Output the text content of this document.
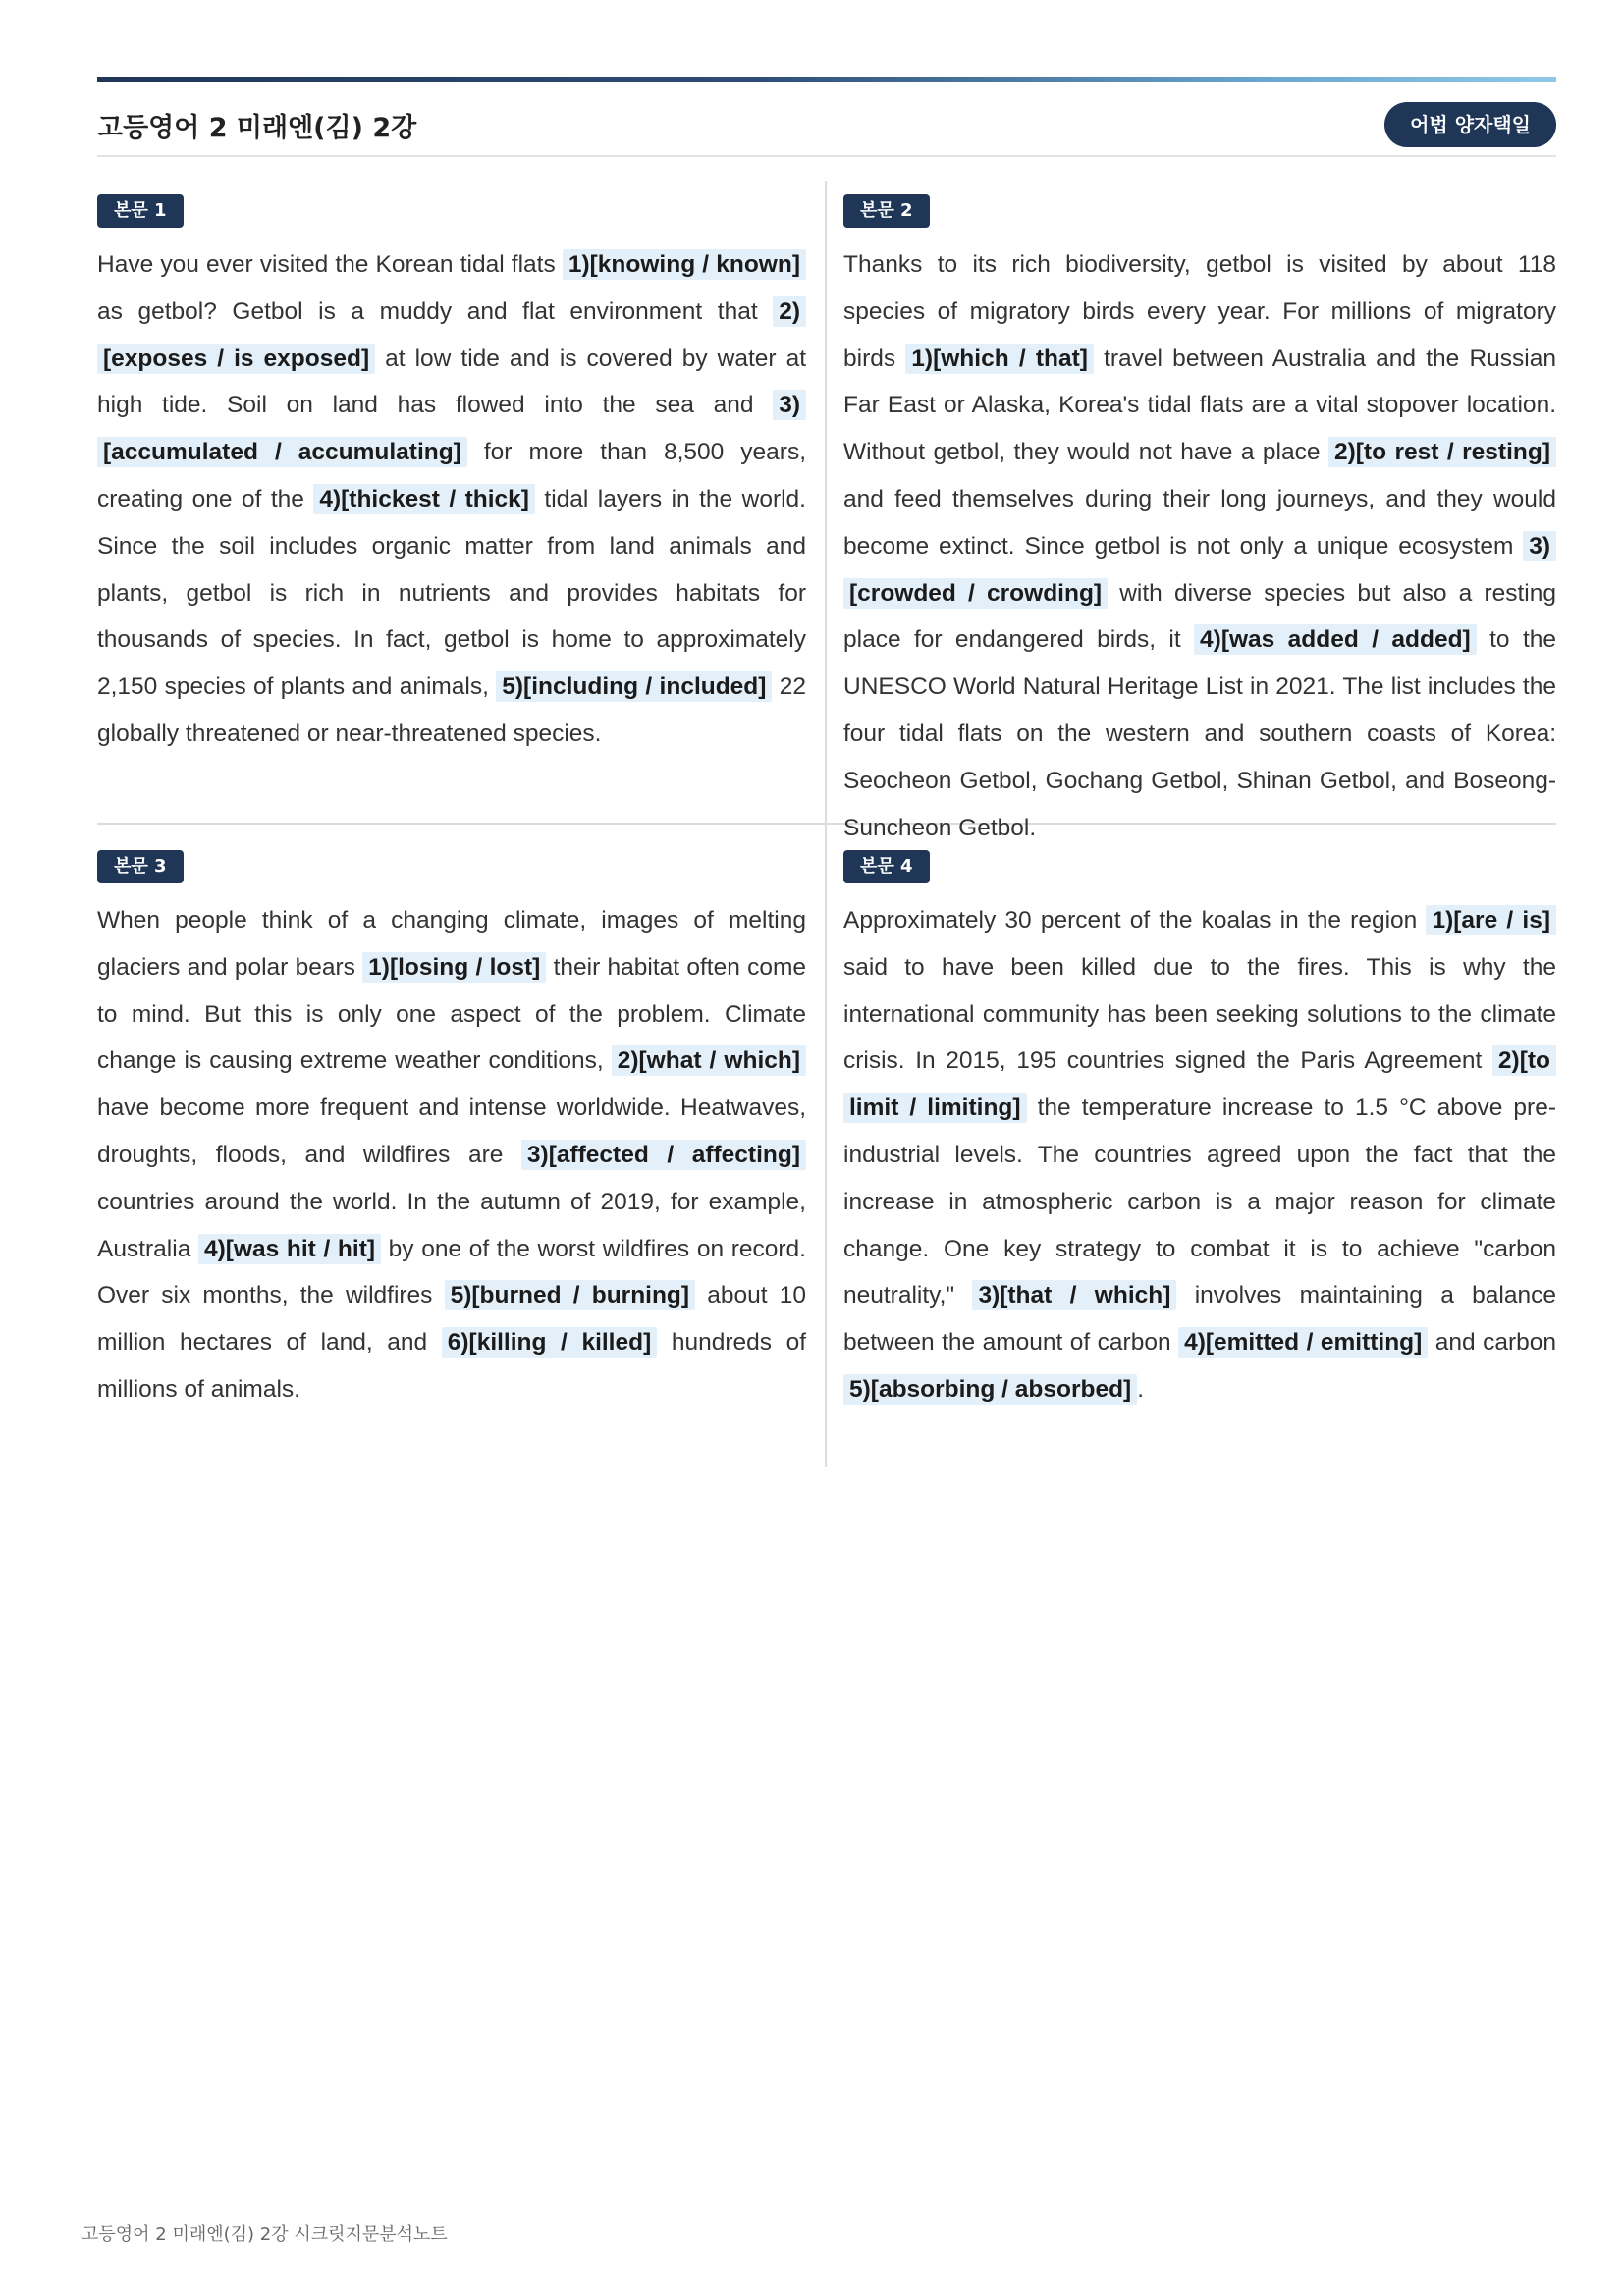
고등영어 2 미래엔(김) 2강	어법 양자택일
본문 1

Have you ever visited the Korean tidal flats 1)[knowing / known] as getbol? Getbol is a muddy and flat environment that 2)[exposes / is exposed] at low tide and is covered by water at high tide. Soil on land has flowed into the sea and 3)[accumulated / accumulating] for more than 8,500 years, creating one of the 4)[thickest / thick] tidal layers in the world. Since the soil includes organic matter from land animals and plants, getbol is rich in nutrients and provides habitats for thousands of species. In fact, getbol is home to approximately 2,150 species of plants and animals, 5)[including / included] 22 globally threatened or near-threatened species.

본문 2

Thanks to its rich biodiversity, getbol is visited by about 118 species of migratory birds every year. For millions of migratory birds 1)[which / that] travel between Australia and the Russian Far East or Alaska, Korea's tidal flats are a vital stopover location. Without getbol, they would not have a place 2)[to rest / resting] and feed themselves during their long journeys, and they would become extinct. Since getbol is not only a unique ecosystem 3)[crowded / crowding] with diverse species but also a resting place for endangered birds, it 4)[was added / added] to the UNESCO World Natural Heritage List in 2021. The list includes the four tidal flats on the western and southern coasts of Korea: Seocheon Getbol, Gochang Getbol, Shinan Getbol, and Boseong-Suncheon Getbol.

본문 3

When people think of a changing climate, images of melting glaciers and polar bears 1)[losing / lost] their habitat often come to mind. But this is only one aspect of the problem. Climate change is causing extreme weather conditions, 2)[what / which] have become more frequent and intense worldwide. Heatwaves, droughts, floods, and wildfires are 3)[affected / affecting] countries around the world. In the autumn of 2019, for example, Australia 4)[was hit / hit] by one of the worst wildfires on record. Over six months, the wildfires 5)[burned / burning] about 10 million hectares of land, and 6)[killing / killed] hundreds of millions of animals.

본문 4

Approximately 30 percent of the koalas in the region 1)[are / is] said to have been killed due to the fires. This is why the international community has been seeking solutions to the climate crisis. In 2015, 195 countries signed the Paris Agreement 2)[to limit / limiting] the temperature increase to 1.5 °C above pre-industrial levels. The countries agreed upon the fact that the increase in atmospheric carbon is a major reason for climate change. One key strategy to combat it is to achieve "carbon neutrality," 3)[that / which] involves maintaining a balance between the amount of carbon 4)[emitted / emitting] and carbon 5)[absorbing / absorbed] .

고등영어 2 미래엔(김) 2강 시크릿지문분석노트
